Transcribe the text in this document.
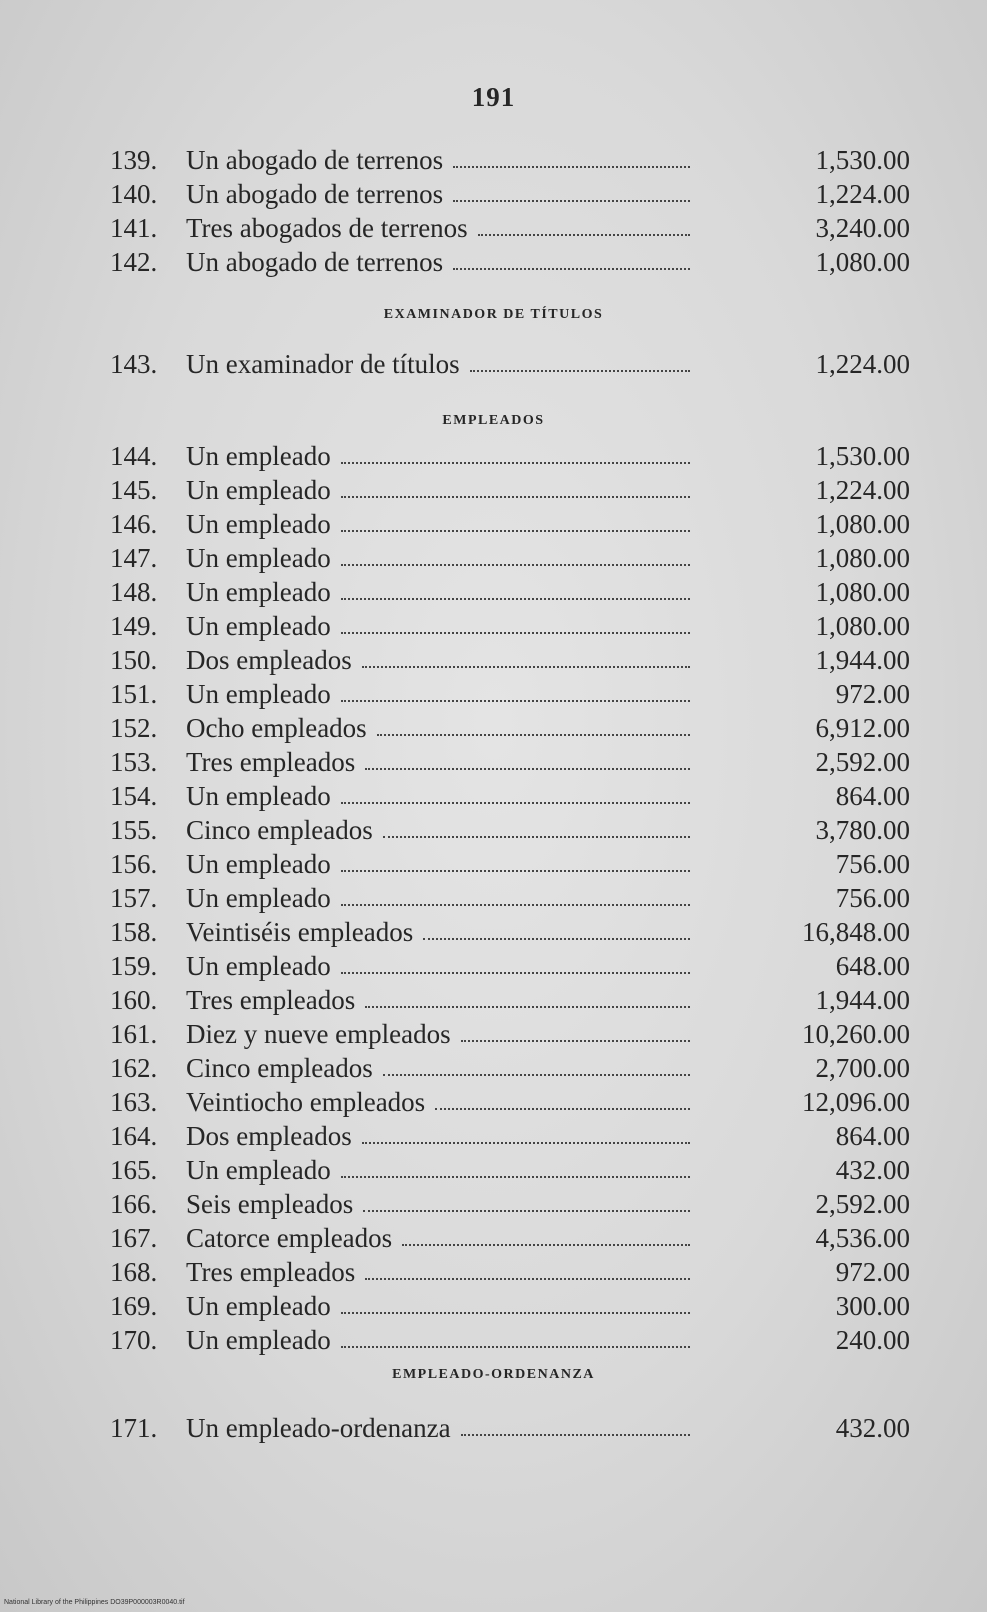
191
EXAMINADOR DE TÍTULOS
EMPLEADOS
EMPLEADO-ORDENANZA
139.	Un abogado de terrenos	1,530.00
140.	Un abogado de terrenos	1,224.00
141.	Tres abogados de terrenos	3,240.00
142.	Un abogado de terrenos	1,080.00
143.	Un examinador de títulos	1,224.00
144.	Un empleado	1,530.00
145.	Un empleado	1,224.00
146.	Un empleado	1,080.00
147.	Un empleado	1,080.00
148.	Un empleado	1,080.00
149.	Un empleado	1,080.00
150.	Dos empleados	1,944.00
151.	Un empleado	972.00
152.	Ocho empleados	6,912.00
153.	Tres empleados	2,592.00
154.	Un empleado	864.00
155.	Cinco empleados	3,780.00
156.	Un empleado	756.00
157.	Un empleado	756.00
158.	Veintiséis empleados	16,848.00
159.	Un empleado	648.00
160.	Tres empleados	1,944.00
161.	Diez y nueve empleados	10,260.00
162.	Cinco empleados	2,700.00
163.	Veintiocho empleados	12,096.00
164.	Dos empleados	864.00
165.	Un empleado	432.00
166.	Seis empleados	2,592.00
167.	Catorce empleados	4,536.00
168.	Tres empleados	972.00
169.	Un empleado	300.00
170.	Un empleado	240.00
171.	Un empleado-ordenanza	432.00
National Library of the Philippines DO39P000003R0040.tif
